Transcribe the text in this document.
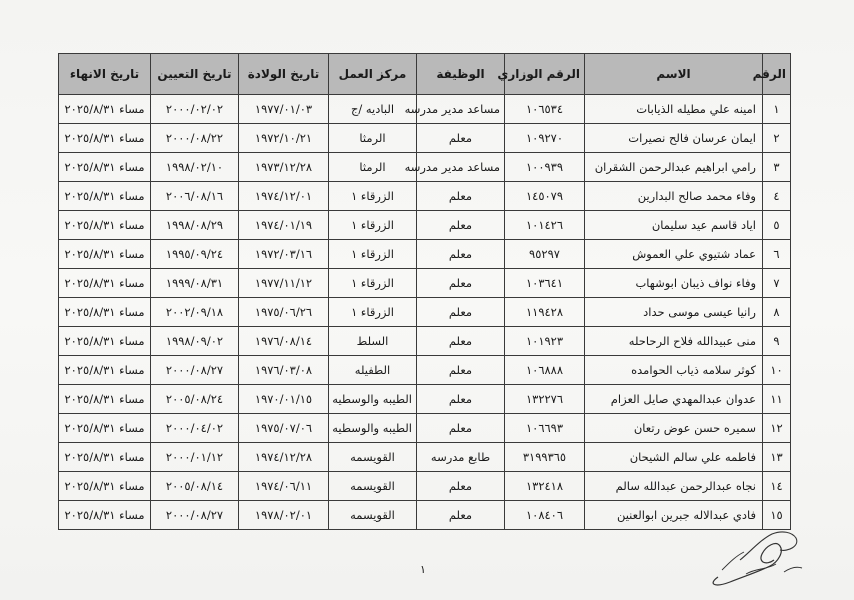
الرقم	الاسم	الرقم الوزاري	الوظيفة	مركز العمل	تاريخ الولادة	تاريخ التعيين	تاريخ الانهاء
١	امينه علي مطيله الذيابات	١٠٦٥٣٤	مساعد مدير مدرسه	الباديه /ج	١٩٧٧/٠١/٠٣	٢٠٠٠/٠٢/٠٢	مساء ٢٠٢٥/٨/٣١
٢	ايمان عرسان فالح نصيرات	١٠٩٢٧٠	معلم	الرمثا	١٩٧٢/١٠/٢١	٢٠٠٠/٠٨/٢٢	مساء ٢٠٢٥/٨/٣١
٣	رامي ابراهيم عبدالرحمن الشقران	١٠٠٩٣٩	مساعد مدير مدرسه	الرمثا	١٩٧٣/١٢/٢٨	١٩٩٨/٠٢/١٠	مساء ٢٠٢٥/٨/٣١
٤	وفاء محمد صالح البدارين	١٤٥٠٧٩	معلم	الزرقاء ١	١٩٧٤/١٢/٠١	٢٠٠٦/٠٨/١٦	مساء ٢٠٢٥/٨/٣١
٥	اياد قاسم عيد سليمان	١٠١٤٢٦	معلم	الزرقاء ١	١٩٧٤/٠١/١٩	١٩٩٨/٠٨/٢٩	مساء ٢٠٢٥/٨/٣١
٦	عماد شتيوي علي العموش	٩٥٢٩٧	معلم	الزرقاء ١	١٩٧٢/٠٣/١٦	١٩٩٥/٠٩/٢٤	مساء ٢٠٢٥/٨/٣١
٧	وفاء نواف ذيبان ابوشهاب	١٠٣٦٤١	معلم	الزرقاء ١	١٩٧٧/١١/١٢	١٩٩٩/٠٨/٣١	مساء ٢٠٢٥/٨/٣١
٨	رانيا عيسى موسى حداد	١١٩٤٢٨	معلم	الزرقاء ١	١٩٧٥/٠٦/٢٦	٢٠٠٢/٠٩/١٨	مساء ٢٠٢٥/٨/٣١
٩	منى عبيدالله فلاح الرحاحله	١٠١٩٢٣	معلم	السلط	١٩٧٦/٠٨/١٤	١٩٩٨/٠٩/٠٢	مساء ٢٠٢٥/٨/٣١
١٠	كوثر سلامه ذياب الحوامده	١٠٦٨٨٨	معلم	الطفيله	١٩٧٦/٠٣/٠٨	٢٠٠٠/٠٨/٢٧	مساء ٢٠٢٥/٨/٣١
١١	عدوان عبدالمهدي صايل العزام	١٣٢٢٧٦	معلم	الطيبه والوسطيه	١٩٧٠/٠١/١٥	٢٠٠٥/٠٨/٢٤	مساء ٢٠٢٥/٨/٣١
١٢	سميره حسن عوض رتعان	١٠٦٦٩٣	معلم	الطيبه والوسطيه	١٩٧٥/٠٧/٠٦	٢٠٠٠/٠٤/٠٢	مساء ٢٠٢٥/٨/٣١
١٣	فاطمه علي سالم الشيحان	٣١٩٩٣٦٥	طابع مدرسه	القويسمه	١٩٧٤/١٢/٢٨	٢٠٠٠/٠١/١٢	مساء ٢٠٢٥/٨/٣١
١٤	نجاه عبدالرحمن عبدالله سالم	١٣٢٤١٨	معلم	القويسمه	١٩٧٤/٠٦/١١	٢٠٠٥/٠٨/١٤	مساء ٢٠٢٥/٨/٣١
١٥	فادي عبدالاله جبرين ابوالعنين	١٠٨٤٠٦	معلم	القويسمه	١٩٧٨/٠٢/٠١	٢٠٠٠/٠٨/٢٧	مساء ٢٠٢٥/٨/٣١
١
